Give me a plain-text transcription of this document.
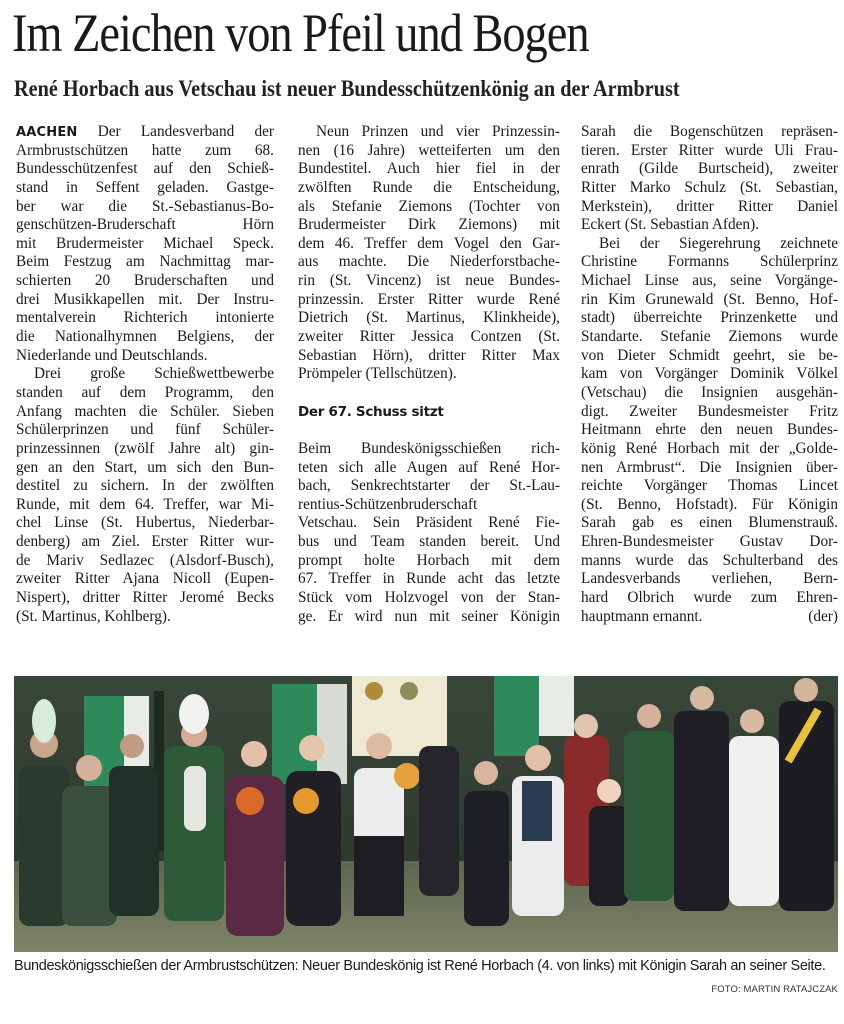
Im Zeichen von Pfeil und Bogen
René Horbach aus Vetschau ist neuer Bundesschützenkönig an der Armbrust
AACHEN Der Landesverband der
Armbrustschützen hatte zum 68.
Bundesschützenfest auf den Schieß-
stand in Seffent geladen. Gastge-
ber war die St.-Sebastianus-Bo-
genschützen-Bruderschaft Hörn
mit Brudermeister Michael Speck.
Beim Festzug am Nachmittag mar-
schierten 20 Bruderschaften und
drei Musikkapellen mit. Der Instru-
mentalverein Richterich intonierte
die Nationalhymnen Belgiens, der
Niederlande und Deutschlands.
Drei große Schießwettbewerbe
standen auf dem Programm, den
Anfang machten die Schüler. Sieben
Schülerprinzen und fünf Schüler-
prinzessinnen (zwölf Jahre alt) gin-
gen an den Start, um sich den Bun-
destitel zu sichern. In der zwölften
Runde, mit dem 64. Treffer, war Mi-
chel Linse (St. Hubertus, Niederbar-
denberg) am Ziel. Erster Ritter wur-
de Mariv Sedlazec (Alsdorf-Busch),
zweiter Ritter Ajana Nicoll (Eupen-
Nispert), dritter Ritter Jeromé Becks
(St. Martinus, Kohlberg).
Neun Prinzen und vier Prinzessin-
nen (16 Jahre) wetteiferten um den
Bundestitel. Auch hier fiel in der
zwölften Runde die Entscheidung,
als Stefanie Ziemons (Tochter von
Brudermeister Dirk Ziemons) mit
dem 46. Treffer dem Vogel den Gar-
aus machte. Die Niederforstbache-
rin (St. Vincenz) ist neue Bundes-
prinzessin. Erster Ritter wurde René
Dietrich (St. Martinus, Klinkheide),
zweiter Ritter Jessica Contzen (St.
Sebastian Hörn), dritter Ritter Max
Prömpeler (Tellschützen).
Der 67. Schuss sitzt
Beim Bundeskönigsschießen rich-
teten sich alle Augen auf René Hor-
bach, Senkrechtstarter der St.-Lau-
rentius-Schützenbruderschaft
Vetschau. Sein Präsident René Fie-
bus und Team standen bereit. Und
prompt holte Horbach mit dem
67. Treffer in Runde acht das letzte
Stück vom Holzvogel von der Stan-
ge. Er wird nun mit seiner Königin
Sarah die Bogenschützen repräsen-
tieren. Erster Ritter wurde Uli Frau-
enrath (Gilde Burtscheid), zweiter
Ritter Marko Schulz (St. Sebastian,
Merkstein), dritter Ritter Daniel
Eckert (St. Sebastian Afden).
Bei der Siegerehrung zeichnete
Christine Formanns Schülerprinz
Michael Linse aus, seine Vorgänge-
rin Kim Grunewald (St. Benno, Hof-
stadt) überreichte Prinzenkette und
Standarte. Stefanie Ziemons wurde
von Dieter Schmidt geehrt, sie be-
kam von Vorgänger Dominik Völkel
(Vetschau) die Insignien ausgehän-
digt. Zweiter Bundesmeister Fritz
Heitmann ehrte den neuen Bundes-
könig René Horbach mit der „Golde-
nen Armbrust“. Die Insignien über-
reichte Vorgänger Thomas Lincet
(St. Benno, Hofstadt). Für Königin
Sarah gab es einen Blumenstrauß.
Ehren-Bundesmeister Gustav Dor-
manns wurde das Schulterband des
Landesverbands verliehen, Bern-
hard Olbrich wurde zum Ehren-
hauptmann ernannt.	(der)
Bundeskönigsschießen der Armbrustschützen: Neuer Bundeskönig ist René Horbach (4. von links) mit Königin Sarah an seiner Seite.
FOTO: MARTIN RATAJCZAK
